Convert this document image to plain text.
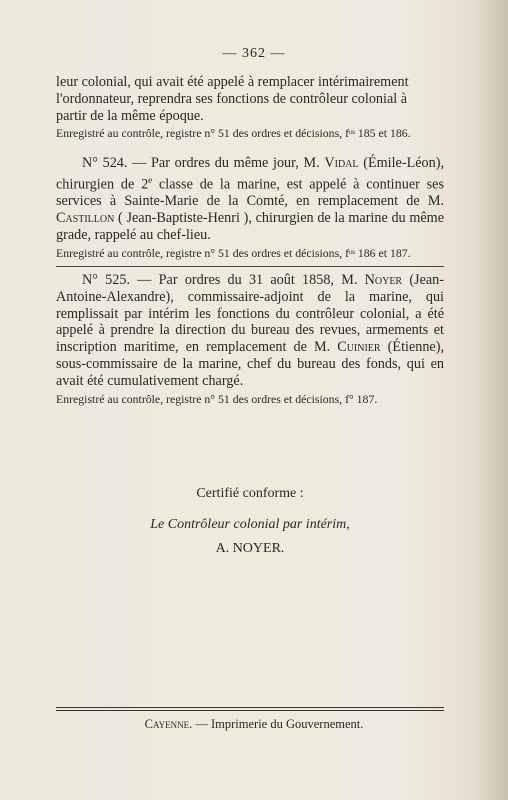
— 362 —

leur colonial, qui avait été appelé à remplacer intérimairement

l'ordonnateur, reprendra ses fonctions de contrôleur colonial à

partir de la même époque.

Enregistré au contrôle, registre n° 51 des ordres et décisions, fᵒˢ 185 et 186.

N° 524. — Par ordres du même jour, M. Vidal (Émile-Léon), chirurgien de 2e classe de la marine, est appelé à continuer ses services à Sainte-Marie de la Comté, en remplacement de M. Castillon ( Jean-Baptiste-Henri ), chirurgien de la marine du même grade, rappelé au chef-lieu.

Enregistré au contrôle, registre n° 51 des ordres et décisions, fᵒˢ 186 et 187.

N° 525. — Par ordres du 31 août 1858, M. Noyer (Jean-Antoine-Alexandre), commissaire-adjoint de la marine, qui remplissait par intérim les fonctions du contrôleur colonial, a été appelé à prendre la direction du bureau des revues, armements et inscription maritime, en remplacement de M. Cuinier (Étienne), sous-commissaire de la marine, chef du bureau des fonds, qui en avait été cumulativement chargé.

Enregistré au contrôle, registre n° 51 des ordres et décisions, f° 187.

Certifié conforme :
Le Contrôleur colonial par intérim,
A. NOYER.
Cayenne. — Imprimerie du Gouvernement.
